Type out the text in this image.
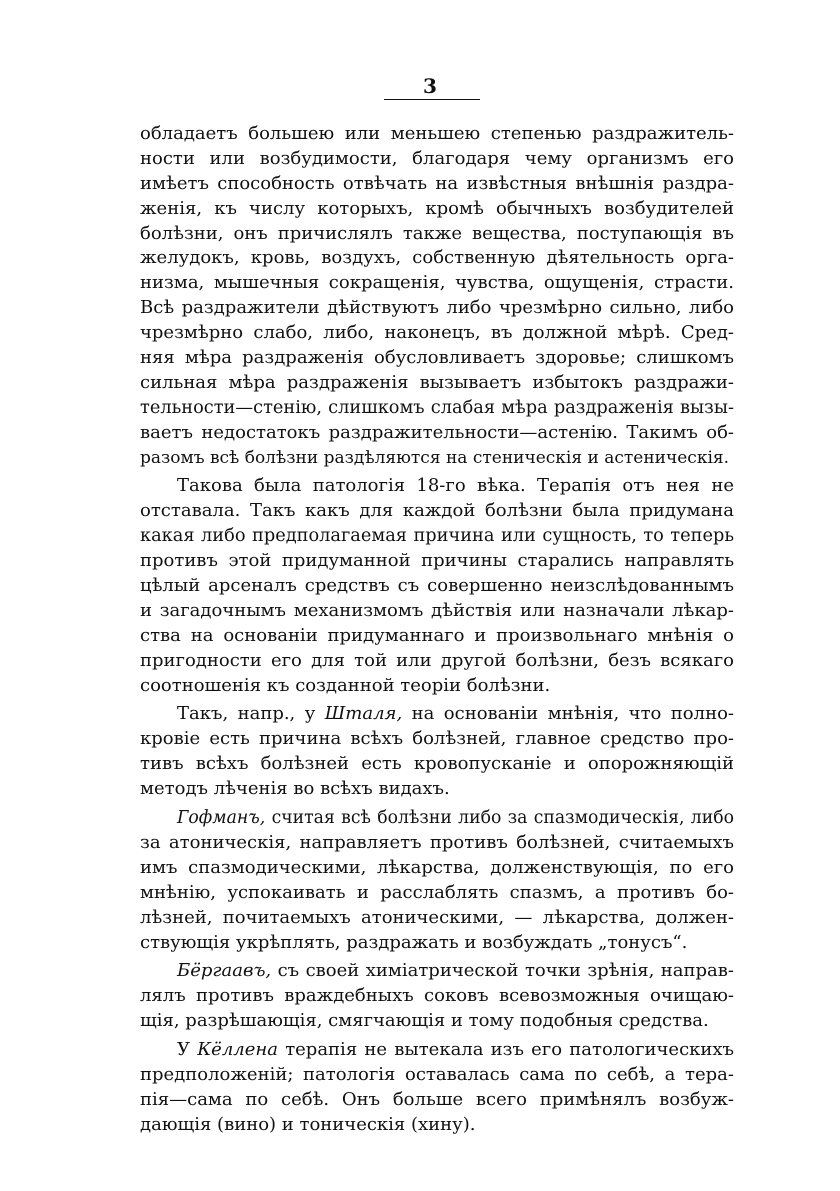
3
обладаетъ большею или меньшею степенью раздражитель-
ности или возбудимости, благодаря чему организмъ его
имѣетъ способность отвѣчать на извѣстныя внѣшнія раздра-
женія, къ числу которыхъ, кромѣ обычныхъ возбудителей
болѣзни, онъ причислялъ также вещества, поступающія въ
желудокъ, кровь, воздухъ, собственную дѣятельность орга-
низма, мышечныя сокращенія, чувства, ощущенія, страсти.
Всѣ раздражители дѣйствуютъ либо чрезмѣрно сильно, либо
чрезмѣрно слабо, либо, наконецъ, въ должной мѣрѣ. Сред-
няя мѣра раздраженія обусловливаетъ здоровье; слишкомъ
сильная мѣра раздраженія вызываетъ избытокъ раздражи-
тельности—стенію, слишкомъ слабая мѣра раздраженія вызы-
ваетъ недостатокъ раздражительности—астенію. Такимъ об-
разомъ всѣ болѣзни раздѣляются на стеническія и астеническія.
Такова была патологія 18-го вѣка. Терапія отъ нея не
отставала. Такъ какъ для каждой болѣзни была придумана
какая либо предполагаемая причина или сущность, то теперь
противъ этой придуманной причины старались направлять
цѣлый арсеналъ средствъ съ совершенно неизслѣдованнымъ
и загадочнымъ механизмомъ дѣйствія или назначали лѣкар-
ства на основаніи придуманнаго и произвольнаго мнѣнія о
пригодности его для той или другой болѣзни, безъ всякаго
соотношенія къ созданной теоріи болѣзни.
Такъ, напр., у Шталя, на основаніи мнѣнія, что полно-
кровіе есть причина всѣхъ болѣзней, главное средство про-
тивъ всѣхъ болѣзней есть кровопусканіе и опорожняющій
методъ лѣченія во всѣхъ видахъ.
Гофманъ, считая всѣ болѣзни либо за спазмодическія, либо
за атоническія, направляетъ противъ болѣзней, считаемыхъ
имъ спазмодическими, лѣкарства, долженствующія, по его
мнѣнію, успокаивать и расслаблять спазмъ, а противъ бо-
лѣзней, почитаемыхъ атоническими, — лѣкарства, должен-
ствующія укрѣплять, раздражать и возбуждать „тонусъ“.
Бёргаавъ, съ своей химіатрической точки зрѣнія, направ-
лялъ противъ враждебныхъ соковъ всевозможныя очищаю-
щія, разрѣшающія, смягчающія и тому подобныя средства.
У Кёллена терапія не вытекала изъ его патологическихъ
предположеній; патологія оставалась сама по себѣ, а тера-
пія—сама по себѣ. Онъ больше всего примѣнялъ возбуж-
дающія (вино) и тоническія (хину).
